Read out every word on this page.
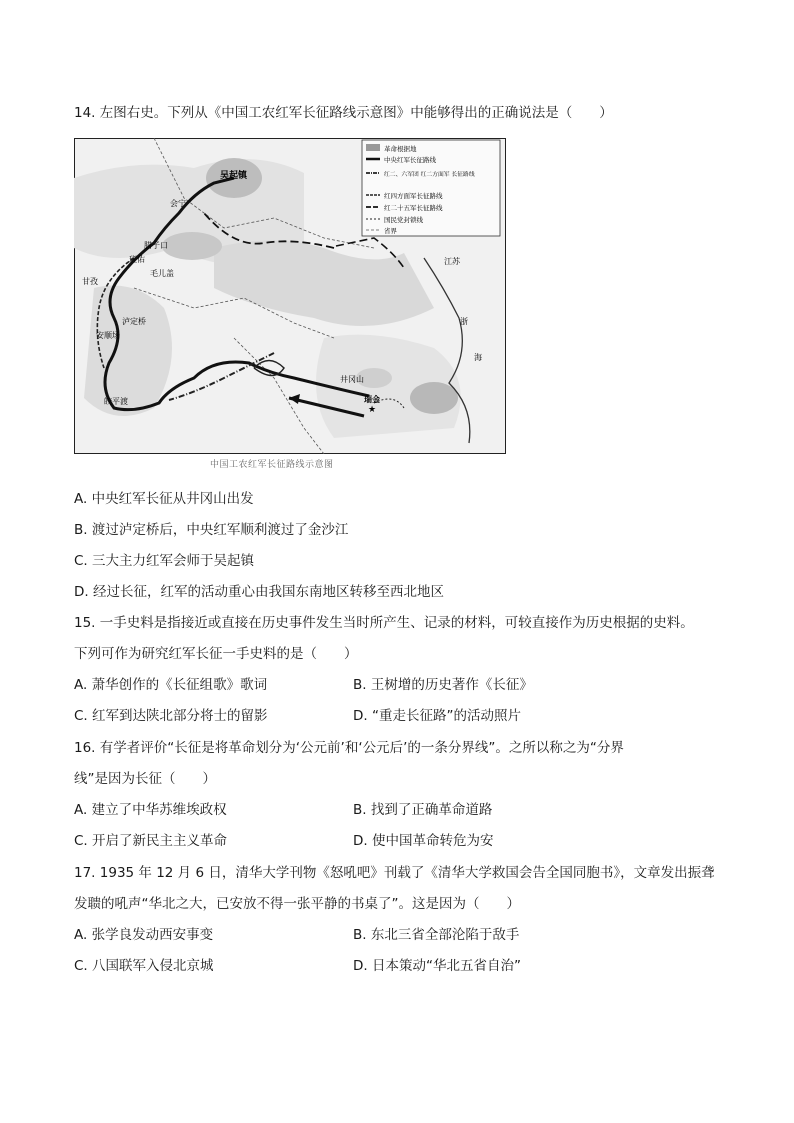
14. 左图右史。下列从《中国工农红军长征路线示意图》中能够得出的正确说法是（　　）
吴起镇
会宁
腊子口
班佑
毛儿盖
甘孜
泸定桥
安顺场
皎平渡
井冈山
瑞金
★
江苏
浙
海
革命根据地
中央红军长征路线
红二、六军团 红二方面军 长征路线
红四方面军长征路线
红二十五军长征路线
国民党封锁线
省界
中国工农红军长征路线示意图
A. 中央红军长征从井冈山出发
B. 渡过泸定桥后，中央红军顺利渡过了金沙江
C. 三大主力红军会师于吴起镇
D. 经过长征，红军的活动重心由我国东南地区转移至西北地区
15. 一手史料是指接近或直接在历史事件发生当时所产生、记录的材料，可较直接作为历史根据的史料。
下列可作为研究红军长征一手史料的是（　　）
A. 萧华创作的《长征组歌》歌词	B. 王树增的历史著作《长征》
C. 红军到达陕北部分将士的留影	D. “重走长征路”的活动照片
16. 有学者评价“长征是将革命划分为‘公元前’和‘公元后’的一条分界线”。之所以称之为“分界
线”是因为长征（　　）
A. 建立了中华苏维埃政权	B. 找到了正确革命道路
C. 开启了新民主主义革命	D. 使中国革命转危为安
17. 1935 年 12 月 6 日，清华大学刊物《怒吼吧》刊载了《清华大学救国会告全国同胞书》，文章发出振聋
发聩的吼声“华北之大，已安放不得一张平静的书桌了”。这是因为（　　）
A. 张学良发动西安事变	B. 东北三省全部沦陷于敌手
C. 八国联军入侵北京城	D. 日本策动“华北五省自治”
